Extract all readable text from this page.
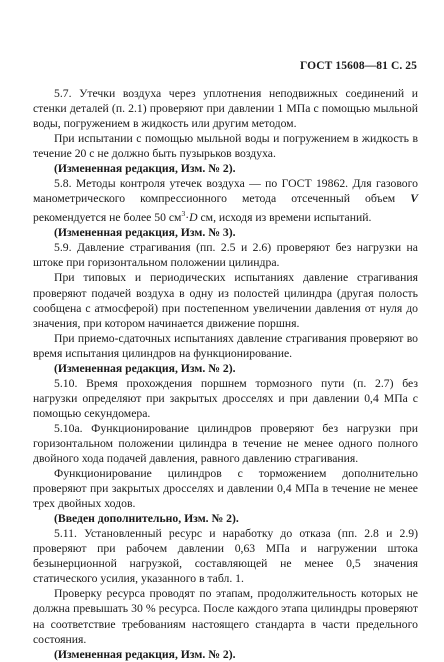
ГОСТ 15608—81 С. 25

5.7. Утечки воздуха через уплотнения неподвижных соединений и стенки деталей (п. 2.1) проверяют при давлении 1 МПа с помощью мыльной воды, погружением в жидкость или другим методом.

При испытании с помощью мыльной воды и погружением в жидкость в течение 20 с не должно быть пузырьков воздуха.

(Измененная редакция, Изм. № 2).

5.8. Методы контроля утечек воздуха — по ГОСТ 19862. Для газового манометрического компрессионного метода отсеченный объем V рекомендуется не более 50 $см^3\cdot D$ см, исходя из времени испытаний.

(Измененная редакция, Изм. № 3).

5.9. Давление страгивания (пп. 2.5 и 2.6) проверяют без нагрузки на штоке при горизонтальном положении цилиндра.

При типовых и периодических испытаниях давление страгивания проверяют подачей воздуха в одну из полостей цилиндра (другая полость сообщена с атмосферой) при постепенном увеличении давления от нуля до значения, при котором начинается движение поршня.

При приемо-сдаточных испытаниях давление страгивания проверяют во время испытания цилиндров на функционирование.

(Измененная редакция, Изм. № 2).

5.10. Время прохождения поршнем тормозного пути (п. 2.7) без нагрузки определяют при закрытых дросселях и при давлении 0,4 МПа с помощью секундомера.

5.10а. Функционирование цилиндров проверяют без нагрузки при горизонтальном положении цилиндра в течение не менее одного полного двойного хода подачей давления, равного давлению страгивания.

Функционирование цилиндров с торможением дополнительно проверяют при закрытых дросселях и давлении 0,4 МПа в течение не менее трех двойных ходов.

(Введен дополнительно, Изм. № 2).

5.11. Установленный ресурс и наработку до отказа (пп. 2.8 и 2.9) проверяют при рабочем давлении 0,63 МПа и нагружении штока безынерционной нагрузкой, составляющей не менее 0,5 значения статического усилия, указанного в табл. 1.

Проверку ресурса проводят по этапам, продолжительность которых не должна превышать 30 % ресурса. После каждого этапа цилиндры проверяют на соответствие требованиям настоящего стандарта в части предельного состояния.

(Измененная редакция, Изм. № 2).
